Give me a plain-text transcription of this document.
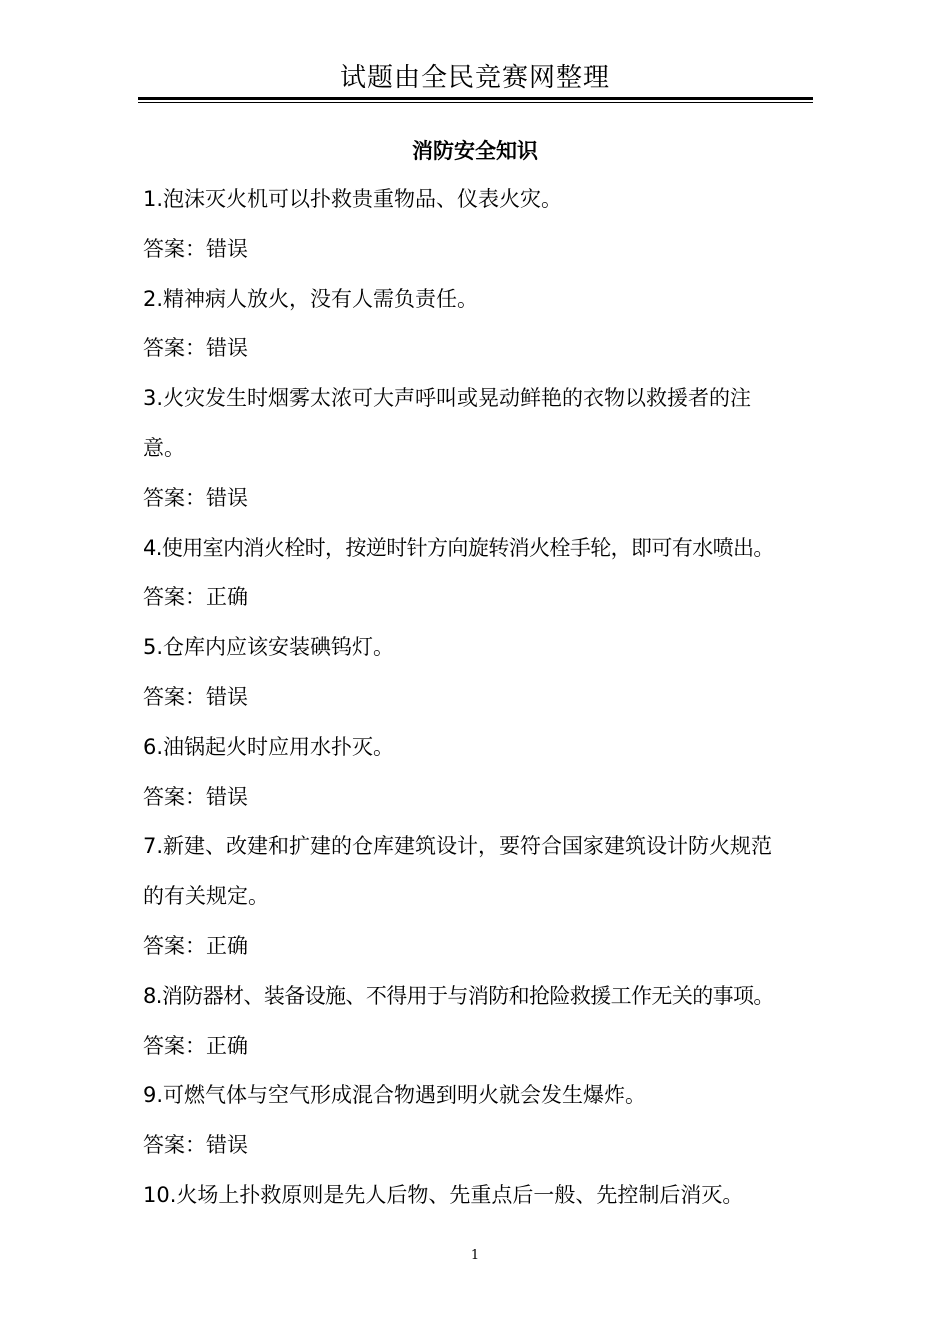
试题由全民竞赛网整理
消防安全知识
1.泡沫灭火机可以扑救贵重物品、仪表火灾。
答案：错误
2.精神病人放火，没有人需负责任。
答案：错误
3.火灾发生时烟雾太浓可大声呼叫或晃动鲜艳的衣物以救援者的注
意。
答案：错误
4.使用室内消火栓时，按逆时针方向旋转消火栓手轮，即可有水喷出。
答案：正确
5.仓库内应该安装碘钨灯。
答案：错误
6.油锅起火时应用水扑灭。
答案：错误
7.新建、改建和扩建的仓库建筑设计，要符合国家建筑设计防火规范
的有关规定。
答案：正确
8.消防器材、装备设施、不得用于与消防和抢险救援工作无关的事项。
答案：正确
9.可燃气体与空气形成混合物遇到明火就会发生爆炸。
答案：错误
10.火场上扑救原则是先人后物、先重点后一般、先控制后消灭。
1
